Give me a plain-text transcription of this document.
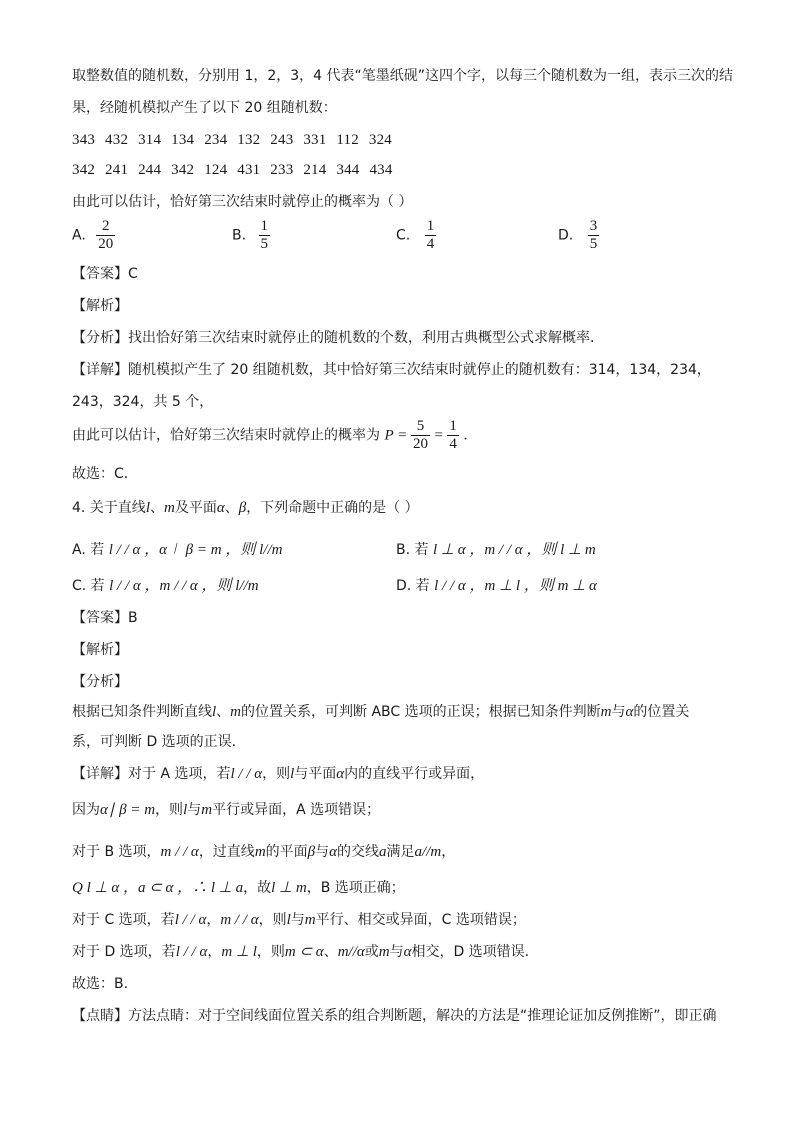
取整数值的随机数，分别用 1，2，3，4 代表“笔墨纸砚”这四个字，以每三个随机数为一组，表示三次的结
果，经随机模拟产生了以下 20 组随机数：
343 432 314 134 234 132 243 331 112 324
342 241 244 342 124 431 233 214 344 434
由此可以估计，恰好第三次结束时就停止的概率为（ ）
A. $\frac{2}{20}$	B. $\frac{1}{5}$	C. $\frac{1}{4}$	D. $\frac{3}{5}$
【答案】C
【解析】
【分析】找出恰好第三次结束时就停止的随机数的个数，利用古典概型公式求解概率．
【详解】随机模拟产生了 20 组随机数，其中恰好第三次结束时就停止的随机数有：314，134，234，
243，324，共 5 个，
由此可以估计，恰好第三次结束时就停止的概率为 $P = \frac{5}{20} = \frac{1}{4}$ ．
故选：C．
4. 关于直线l、m及平面α、β，下列命题中正确的是（ ）
A. 若 l / / α ，α∣ β = m ，则 l//m	B. 若 l ⊥ α ，m / / α ，则 l ⊥ m
C. 若 l / / α ，m / / α ，则 l//m	D. 若 l / / α ，m ⊥ l ，则 m ⊥ α
【答案】B
【解析】
【分析】
根据已知条件判断直线l、m的位置关系，可判断 ABC 选项的正误；根据已知条件判断m与α的位置关
系，可判断 D 选项的正误.
【详解】对于 A 选项，若l / / α，则l与平面α内的直线平行或异面，
因为α∣ β = m，则l与m平行或异面，A 选项错误；
对于 B 选项，m / / α，过直线m的平面β与α的交线a满足a//m，
Q l ⊥ α ，a ⊂ α ，∴ l ⊥ a，故l ⊥ m，B 选项正确；
对于 C 选项，若l / / α，m / / α，则l与m平行、相交或异面，C 选项错误；
对于 D 选项，若l / / α，m ⊥ l，则m ⊂ α、m//α或m与α相交，D 选项错误.
故选：B.
【点睛】方法点睛：对于空间线面位置关系的组合判断题，解决的方法是“推理论证加反例推断”，即正确
